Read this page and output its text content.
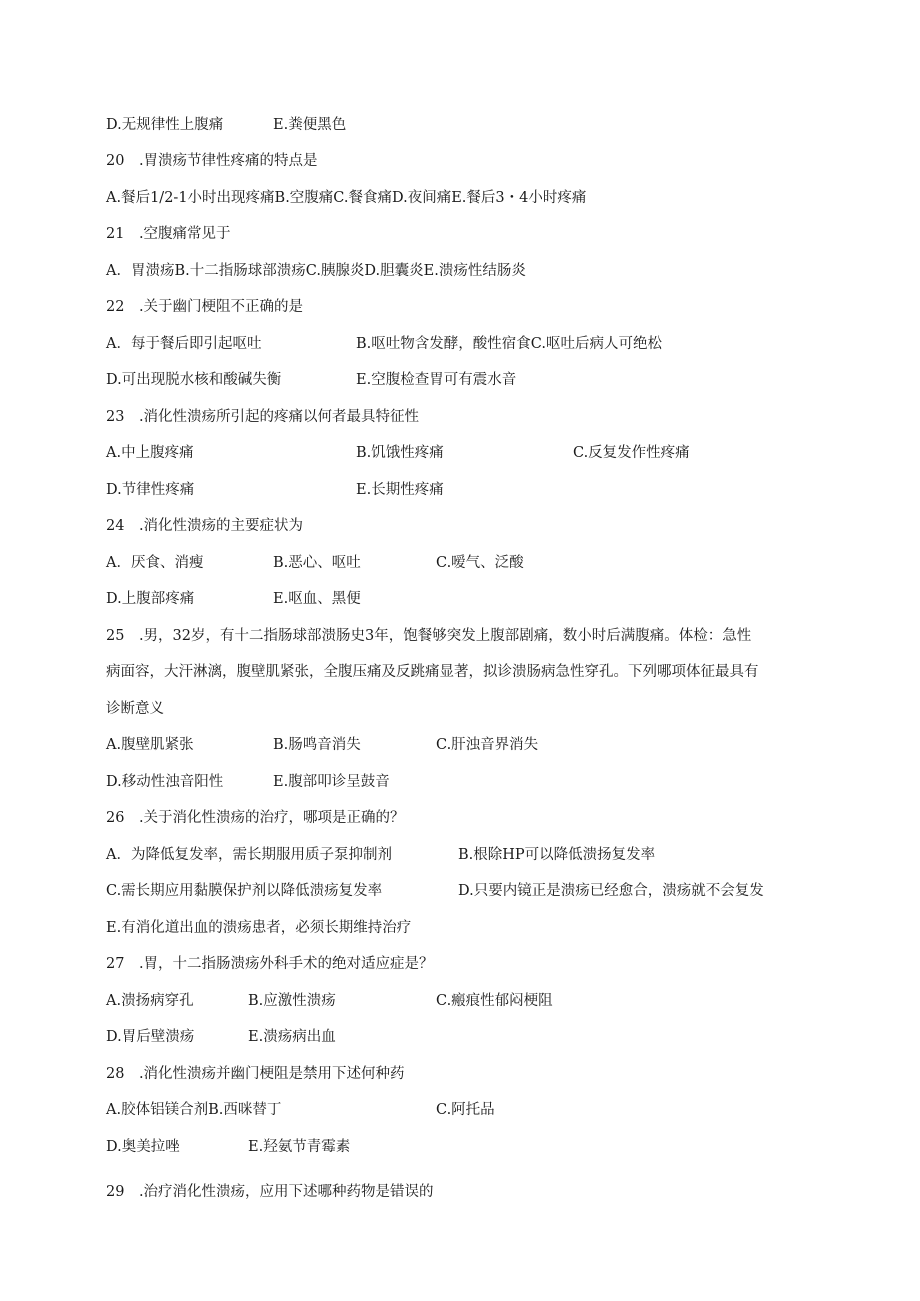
D.无规律性上腹痛	E.粪便黑色
20　.胃溃疡节律性疼痛的特点是
A.餐后1/2-1小时出现疼痛B.空腹痛C.餐食痛D.夜间痛E.餐后3・4小时疼痛
21　.空腹痛常见于
A．胃溃疡B.十二指肠球部溃疡C.胰腺炎D.胆囊炎E.溃疡性结肠炎
22　.关于幽门梗阻不正确的是
A．每于餐后即引起呕吐	B.呕吐物含发酵，酸性宿食C.呕吐后病人可绝松
D.可出现脱水核和酸碱失衡	E.空腹检查胃可有震水音
23　.消化性溃疡所引起的疼痛以何者最具特征性
A.中上腹疼痛	B.饥饿性疼痛	C.反复发作性疼痛
D.节律性疼痛	E.长期性疼痛
24　.消化性溃疡的主要症状为
A．厌食、消瘦	B.恶心、呕吐	C.嗳气、泛酸
D.上腹部疼痛	E.呕血、黑便
25　.男，32岁，有十二指肠球部溃肠史3年，饱餐够突发上腹部剧痛，数小时后满腹痛。体检：急性
病面容，大汗淋漓，腹壁肌紧张，全腹压痛及反跳痛显著，拟诊溃肠病急性穿孔。下列哪项体征最具有
诊断意义
A.腹壁肌紧张	B.肠鸣音消失	C.肝浊音界消失
D.移动性浊音阳性	E.腹部叩诊呈鼓音
26　.关于消化性溃疡的治疗，哪项是正确的？
A．为降低复发率，需长期服用质子泵抑制剂	B.根除HP可以降低溃扬复发率
C.需长期应用黏膜保护剂以降低溃疡复发率	D.只要内镜正是溃疡已经愈合，溃疡就不会复发
E.有消化道出血的溃疡患者，必须长期维持治疗
27　.胃，十二指肠溃疡外科手术的绝对适应症是？
A.溃扬病穿孔	B.应激性溃疡	C.瘢痕性郁闷梗阻
D.胃后壁溃疡	E.溃疡病出血
28　.消化性溃疡并幽门梗阻是禁用下述何种药
A.胶体铝镁合剂B.西咪替丁	C.阿托品
D.奥美拉唑	E.羟氨节青霉素
29　.治疗消化性溃疡，应用下述哪种药物是错误的
